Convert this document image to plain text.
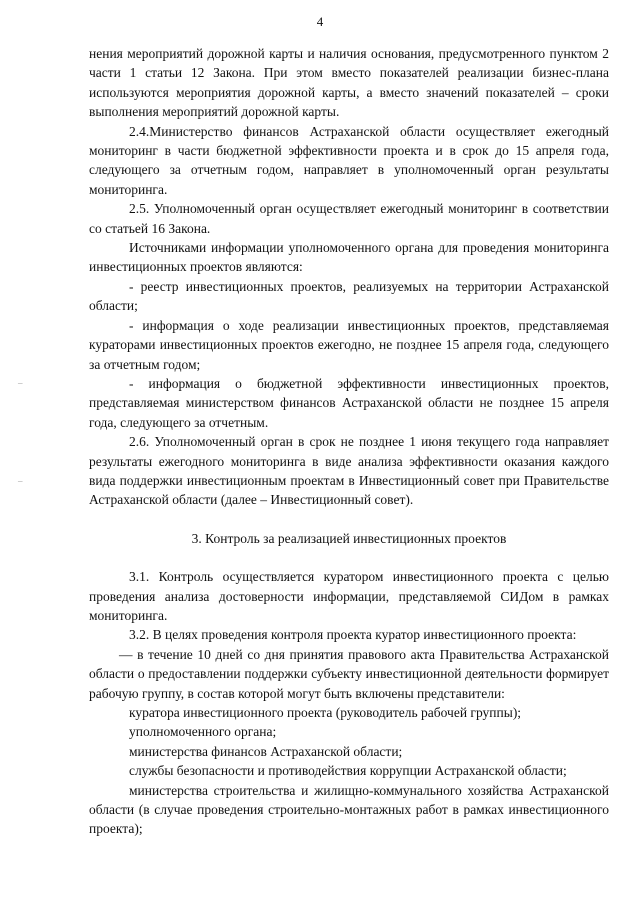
4
–
–

нения мероприятий дорожной карты и наличия основания, предусмотренного пунктом 2 части 1 статьи 12 Закона. При этом вместо показателей реализации бизнес-плана используются мероприятия дорожной карты, а вместо значений показателей – сроки выполнения мероприятий дорожной карты.

2.4.Министерство финансов Астраханской области осуществляет ежегодный мониторинг в части бюджетной эффективности проекта и в срок до 15 апреля года, следующего за отчетным годом, направляет в уполномоченный орган результаты мониторинга.

2.5. Уполномоченный орган осуществляет ежегодный мониторинг в соответствии со статьей 16 Закона.

Источниками информации уполномоченного органа для проведения мониторинга инвестиционных проектов являются:

- реестр инвестиционных проектов, реализуемых на территории Астраханской области;

- информация о ходе реализации инвестиционных проектов, представляемая кураторами инвестиционных проектов ежегодно, не позднее 15 апреля года, следующего за отчетным годом;

- информация о бюджетной эффективности инвестиционных проектов, представляемая министерством финансов Астраханской области не позднее 15 апреля года, следующего за отчетным.

2.6. Уполномоченный орган в срок не позднее 1 июня текущего года направляет результаты ежегодного мониторинга в виде анализа эффективности оказания каждого вида поддержки инвестиционным проектам в Инвестиционный совет при Правительстве Астраханской области (далее – Инвестиционный совет).

3. Контроль за реализацией инвестиционных проектов

3.1. Контроль осуществляется куратором инвестиционного проекта с целью проведения анализа достоверности информации, представляемой СИДом в рамках мониторинга.

3.2. В целях проведения контроля проекта куратор инвестиционного проекта:

— в течение 10 дней со дня принятия правового акта Правительства Астраханской области о предоставлении поддержки субъекту инвестиционной деятельности формирует рабочую группу, в состав которой могут быть включены представители:

куратора инвестиционного проекта (руководитель рабочей группы);

уполномоченного органа;

министерства финансов Астраханской области;

службы безопасности и противодействия коррупции Астраханской области;

министерства строительства и жилищно-коммунального хозяйства Астраханской области (в случае проведения строительно-монтажных работ в рамках инвестиционного проекта);
